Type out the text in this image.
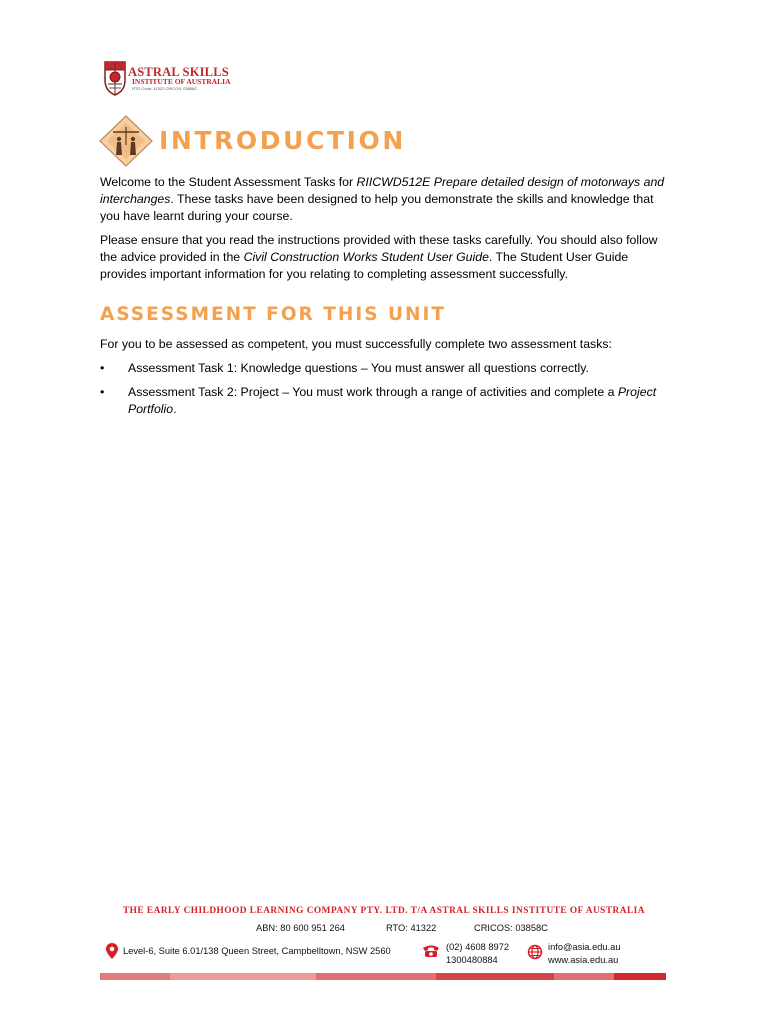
ASTRAL SKILLS
INSTITUTE OF AUSTRALIA
RTO Code: 41322 CRICOS: 03858C
INTRODUCTION

Welcome to the Student Assessment Tasks for RIICWD512E Prepare detailed design of motorways and interchanges. These tasks have been designed to help you demonstrate the skills and knowledge that you have learnt during your course.

Please ensure that you read the instructions provided with these tasks carefully. You should also follow the advice provided in the Civil Construction Works Student User Guide. The Student User Guide provides important information for you relating to completing assessment successfully.

ASSESSMENT FOR THIS UNIT

For you to be assessed as competent, you must successfully complete two assessment tasks:

• Assessment Task 1: Knowledge questions – You must answer all questions correctly.
• Assessment Task 2: Project – You must work through a range of activities and complete a Project Portfolio.
THE EARLY CHILDHOOD LEARNING COMPANY PTY. LTD. T/A ASTRAL SKILLS INSTITUTE OF AUSTRALIA
ABN: 80 600 951 264	RTO: 41322	CRICOS: 03858C
Level-6, Suite 6.01/138 Queen Street, Campbelltown, NSW 2560	(02) 4608 8972
1300480884
info@asia.edu.au
www.asia.edu.au
